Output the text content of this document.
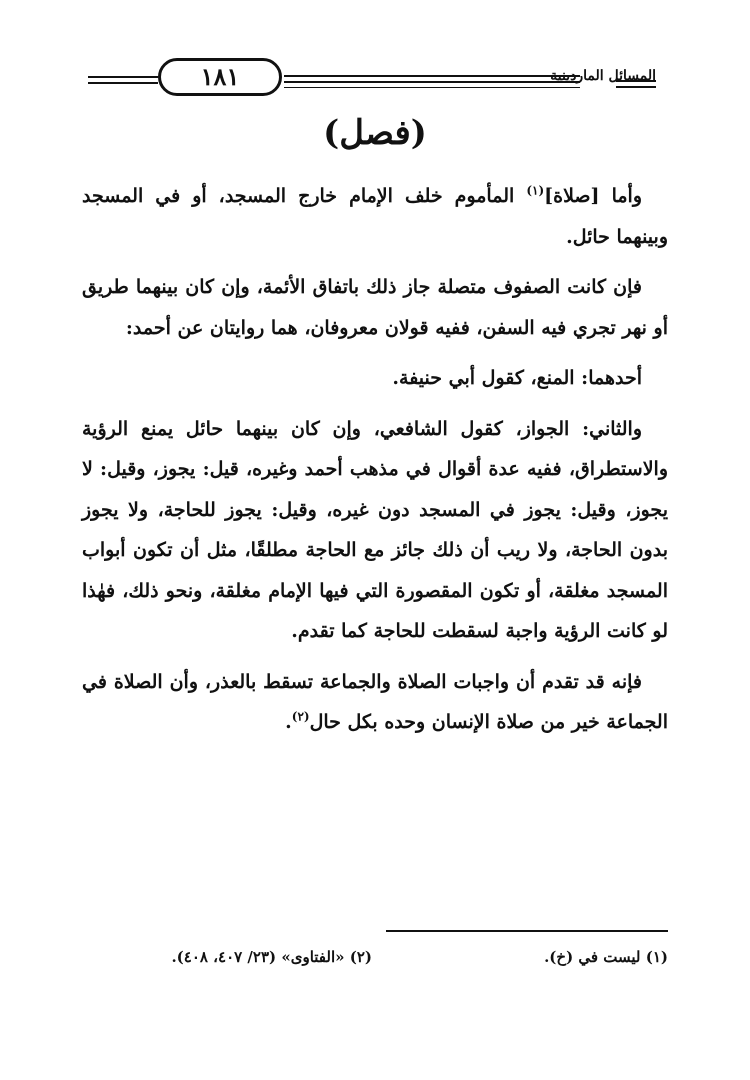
١٨١	المسائل الماردينية
(فصل)

وأما [صلاة]$^{(١)}$ المأموم خلف الإمام خارج المسجد، أو في المسجد وبينهما حائل.

فإن كانت الصفوف متصلة جاز ذلك باتفاق الأئمة، وإن كان بينهما طريق أو نهر تجري فيه السفن، ففيه قولان معروفان، هما روايتان عن أحمد:

أحدهما: المنع، كقول أبي حنيفة.

والثاني: الجواز، كقول الشافعي، وإن كان بينهما حائل يمنع الرؤية والاستطراق، ففيه عدة أقوال في مذهب أحمد وغيره، قيل: يجوز، وقيل: لا يجوز، وقيل: يجوز في المسجد دون غيره، وقيل: يجوز للحاجة، ولا يجوز بدون الحاجة، ولا ريب أن ذلك جائز مع الحاجة مطلقًا، مثل أن تكون أبواب المسجد مغلقة، أو تكون المقصورة التي فيها الإمام مغلقة، ونحو ذلك، فهٰذا لو كانت الرؤية واجبة لسقطت للحاجة كما تقدم.

فإنه قد تقدم أن واجبات الصلاة والجماعة تسقط بالعذر، وأن الصلاة في الجماعة خير من صلاة الإنسان وحده بكل حال$^{(٢)}$.

(١) ليست في (خ).
(٢) «الفتاوى» (٢٣/ ٤٠٧، ٤٠٨).
